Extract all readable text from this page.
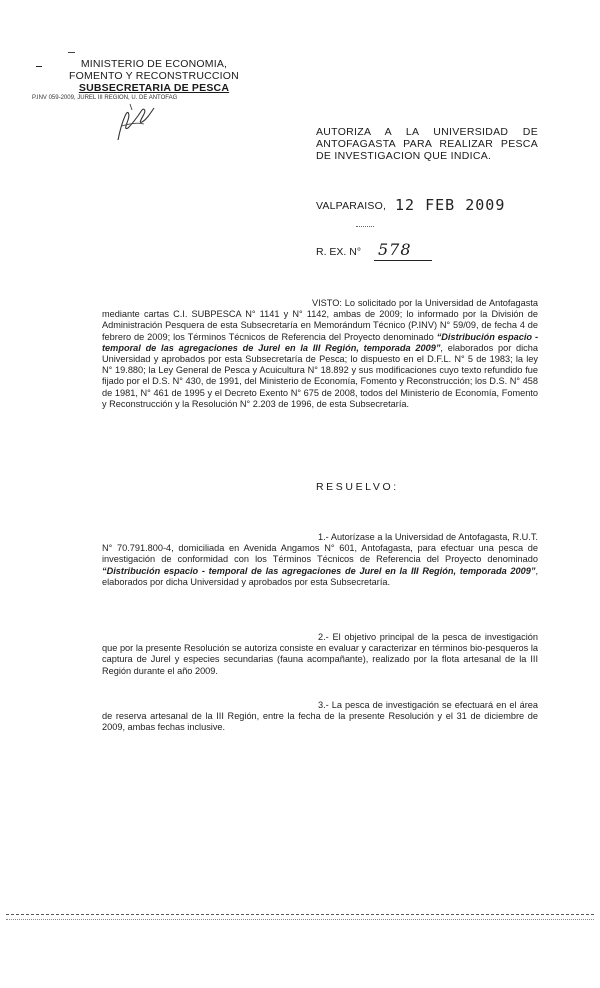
MINISTERIO DE ECONOMIA,
FOMENTO Y RECONSTRUCCION
SUBSECRETARIA DE PESCA
P.INV 059-2009, JUREL III REGION, U. DE ANTOFAG
AUTORIZA A LA UNIVERSIDAD DE ANTOFAGASTA PARA REALIZAR PESCA DE INVESTIGACION QUE INDICA.
VALPARAISO, 12 FEB 2009
R. EX. N° 578
VISTO: Lo solicitado por la Universidad de Antofagasta mediante cartas C.I. SUBPESCA N° 1141 y N° 1142, ambas de 2009; lo informado por la División de Administración Pesquera de esta Subsecretaría en Memorándum Técnico (P.INV) N° 59/09, de fecha 4 de febrero de 2009; los Términos Técnicos de Referencia del Proyecto denominado “Distribución espacio - temporal de las agregaciones de Jurel en la III Región, temporada 2009”, elaborados por dicha Universidad y aprobados por esta Subsecretaría de Pesca; lo dispuesto en el D.F.L. N° 5 de 1983; la ley N° 19.880; la Ley General de Pesca y Acuicultura N° 18.892 y sus modificaciones cuyo texto refundido fue fijado por el D.S. N° 430, de 1991, del Ministerio de Economía, Fomento y Reconstrucción; los D.S. N° 458 de 1981, N° 461 de 1995 y el Decreto Exento N° 675 de 2008, todos del Ministerio de Economía, Fomento y Reconstrucción y la Resolución N° 2.203 de 1996, de esta Subsecretaría.
RESUELVO:
1.- Autorízase a la Universidad de Antofagasta, R.U.T. N° 70.791.800-4, domiciliada en Avenida Angamos N° 601, Antofagasta, para efectuar una pesca de investigación de conformidad con los Términos Técnicos de Referencia del Proyecto denominado “Distribución espacio - temporal de las agregaciones de Jurel en la III Región, temporada 2009”, elaborados por dicha Universidad y aprobados por esta Subsecretaría.
2.- El objetivo principal de la pesca de investigación que por la presente Resolución se autoriza consiste en evaluar y caracterizar en términos bio-pesqueros la captura de Jurel y especies secundarias (fauna acompañante), realizado por la flota artesanal de la III Región durante el año 2009.
3.- La pesca de investigación se efectuará en el área de reserva artesanal de la III Región, entre la fecha de la presente Resolución y el 31 de diciembre de 2009, ambas fechas inclusive.
